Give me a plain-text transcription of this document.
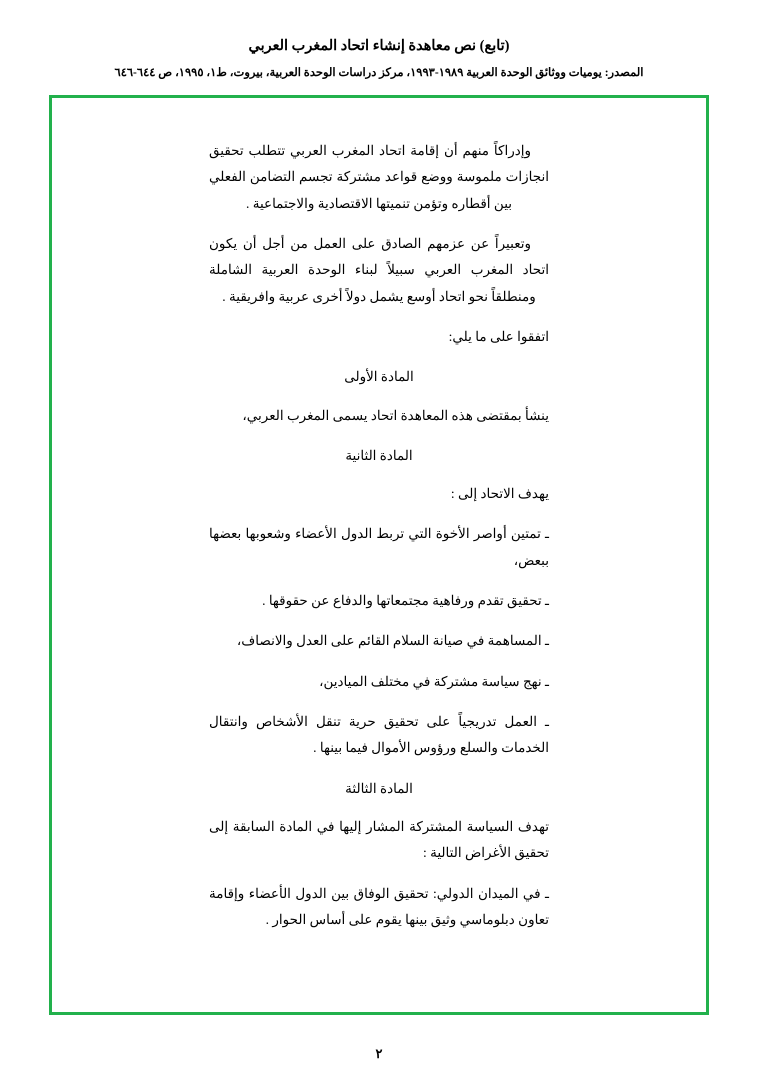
(تابع) نص معاهدة إنشاء اتحاد المغرب العربي
المصدر: يوميات ووثائق الوحدة العربية ١٩٨٩-١٩٩٣، مركز دراسات الوحدة العربية، بيروت، ط١، ١٩٩٥، ص ٦٤٤-٦٤٦

وإدراكاً منهم أن إقامة اتحاد المغرب العربي تتطلب تحقيق انجازات ملموسة ووضع قواعد مشتركة تجسم التضامن الفعلي بين أقطاره وتؤمن تنميتها الاقتصادية والاجتماعية .

وتعبيراً عن عزمهم الصادق على العمل من أجل أن يكون اتحاد المغرب العربي سبيلاً لبناء الوحدة العربية الشاملة ومنطلقاً نحو اتحاد أوسع يشمل دولاً أخرى عربية وافريقية .

اتفقوا على ما يلي:

المادة الأولى

ينشأ بمقتضى هذه المعاهدة اتحاد يسمى المغرب العربي،

المادة الثانية

يهدف الاتحاد إلى :

ـ تمتين أواصر الأخوة التي تربط الدول الأعضاء وشعوبها بعضها ببعض،

ـ تحقيق تقدم ورفاهية مجتمعاتها والدفاع عن حقوقها .

ـ المساهمة في صيانة السلام القائم على العدل والانصاف،

ـ نهج سياسة مشتركة في مختلف الميادين،

ـ العمل تدريجياً على تحقيق حرية تنقل الأشخاص وانتقال الخدمات والسلع ورؤوس الأموال فيما بينها .

المادة الثالثة

تهدف السياسة المشتركة المشار إليها في المادة السابقة إلى تحقيق الأغراض التالية :

ـ في الميدان الدولي: تحقيق الوفاق بين الدول الأعضاء وإقامة تعاون دبلوماسي وثيق بينها يقوم على أساس الحوار .

٢
